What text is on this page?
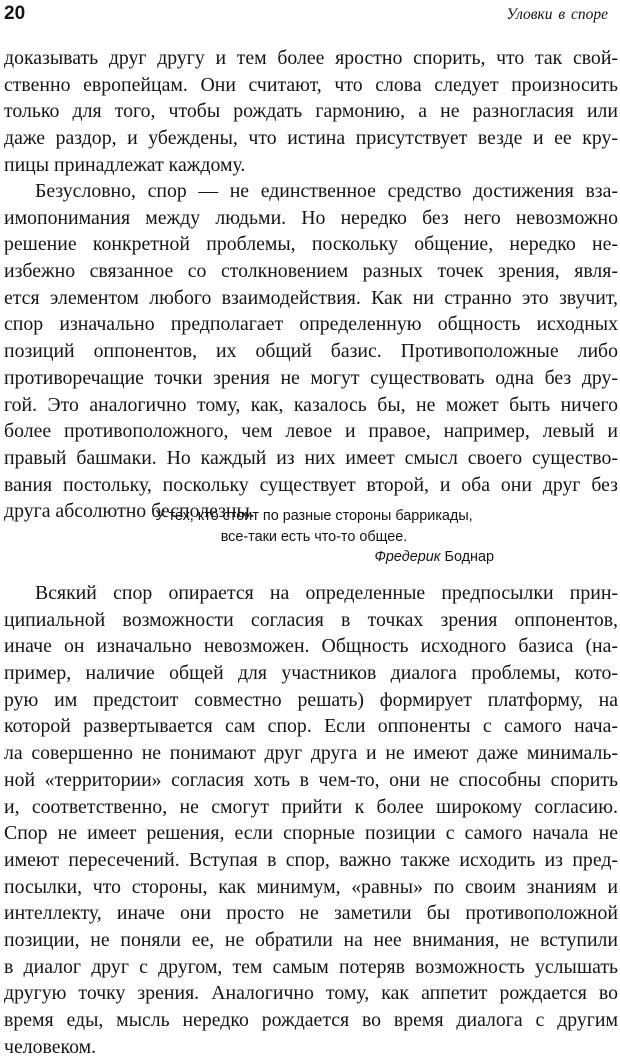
20	Уловки в споре
доказывать друг другу и тем более яростно спорить, что так свой-
ственно европейцам. Они считают, что слова следует произносить
только для того, чтобы рождать гармонию, а не разногласия или
даже раздор, и убеждены, что истина присутствует везде и ее кру-
пицы принадлежат каждому.
Безусловно, спор — не единственное средство достижения вза-
имопонимания между людьми. Но нередко без него невозможно
решение конкретной проблемы, поскольку общение, нередко не-
избежно связанное со столкновением разных точек зрения, явля-
ется элементом любого взаимодействия. Как ни странно это звучит,
спор изначально предполагает определенную общность исходных
позиций оппонентов, их общий базис. Противоположные либо
противоречащие точки зрения не могут существовать одна без дру-
гой. Это аналогично тому, как, казалось бы, не может быть ничего
более противоположного, чем левое и правое, например, левый и
правый башмаки. Но каждый из них имеет смысл своего существо-
вания постольку, поскольку существует второй, и оба они друг без
друга абсолютно бесполезны.
У тех, кто стоит по разные стороны баррикады,
все-таки есть что-то общее.
Фредерик Боднар
Всякий спор опирается на определенные предпосылки прин-
ципиальной возможности согласия в точках зрения оппонентов,
иначе он изначально невозможен. Общность исходного базиса (на-
пример, наличие общей для участников диалога проблемы, кото-
рую им предстоит совместно решать) формирует платформу, на
которой развертывается сам спор. Если оппоненты с самого нача-
ла совершенно не понимают друг друга и не имеют даже минималь-
ной «территории» согласия хоть в чем-то, они не способны спорить
и, соответственно, не смогут прийти к более широкому согласию.
Спор не имеет решения, если спорные позиции с самого начала не
имеют пересечений. Вступая в спор, важно также исходить из пред-
посылки, что стороны, как минимум, «равны» по своим знаниям и
интеллекту, иначе они просто не заметили бы противоположной
позиции, не поняли ее, не обратили на нее внимания, не вступили
в диалог друг с другом, тем самым потеряв возможность услышать
другую точку зрения. Аналогично тому, как аппетит рождается во
время еды, мысль нередко рождается во время диалога с другим
человеком.
